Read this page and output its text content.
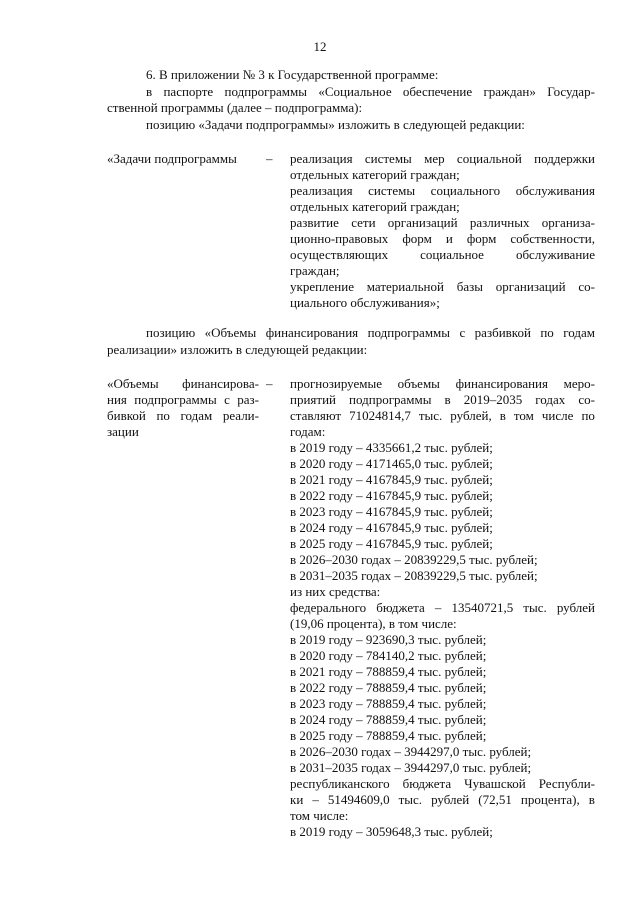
12
6. В приложении № 3 к Государственной программе:
в паспорте подпрограммы «Социальное обеспечение граждан» Государ-
ственной программы (далее – подпрограмма):
позицию «Задачи подпрограммы» изложить в следующей редакции:
«Задачи подпрограммы – реализация системы мер социальной поддержки
отдельных категорий граждан;
реализация системы социального обслуживания
отдельных категорий граждан;
развитие сети организаций различных организа-
ционно-правовых форм и форм собственности,
осуществляющих социальное обслуживание
граждан;
укрепление материальной базы организаций со-
циального обслуживания»;
позицию «Объемы финансирования подпрограммы с разбивкой по годам
реализации» изложить в следующей редакции:
«Объемы финансирова-
ния подпрограммы с раз-
бивкой по годам реали-
зации
– прогнозируемые объемы финансирования меро-
приятий подпрограммы в 2019–2035 годах со-
ставляют 71024814,7 тыс. рублей, в том числе по
годам:
в 2019 году – 4335661,2 тыс. рублей;
в 2020 году – 4171465,0 тыс. рублей;
в 2021 году – 4167845,9 тыс. рублей;
в 2022 году – 4167845,9 тыс. рублей;
в 2023 году – 4167845,9 тыс. рублей;
в 2024 году – 4167845,9 тыс. рублей;
в 2025 году – 4167845,9 тыс. рублей;
в 2026–2030 годах – 20839229,5 тыс. рублей;
в 2031–2035 годах – 20839229,5 тыс. рублей;
из них средства:
федерального бюджета – 13540721,5 тыс. рублей
(19,06 процента), в том числе:
в 2019 году – 923690,3 тыс. рублей;
в 2020 году – 784140,2 тыс. рублей;
в 2021 году – 788859,4 тыс. рублей;
в 2022 году – 788859,4 тыс. рублей;
в 2023 году – 788859,4 тыс. рублей;
в 2024 году – 788859,4 тыс. рублей;
в 2025 году – 788859,4 тыс. рублей;
в 2026–2030 годах – 3944297,0 тыс. рублей;
в 2031–2035 годах – 3944297,0 тыс. рублей;
республиканского бюджета Чувашской Республи-
ки – 51494609,0 тыс. рублей (72,51 процента), в
том числе:
в 2019 году – 3059648,3 тыс. рублей;
